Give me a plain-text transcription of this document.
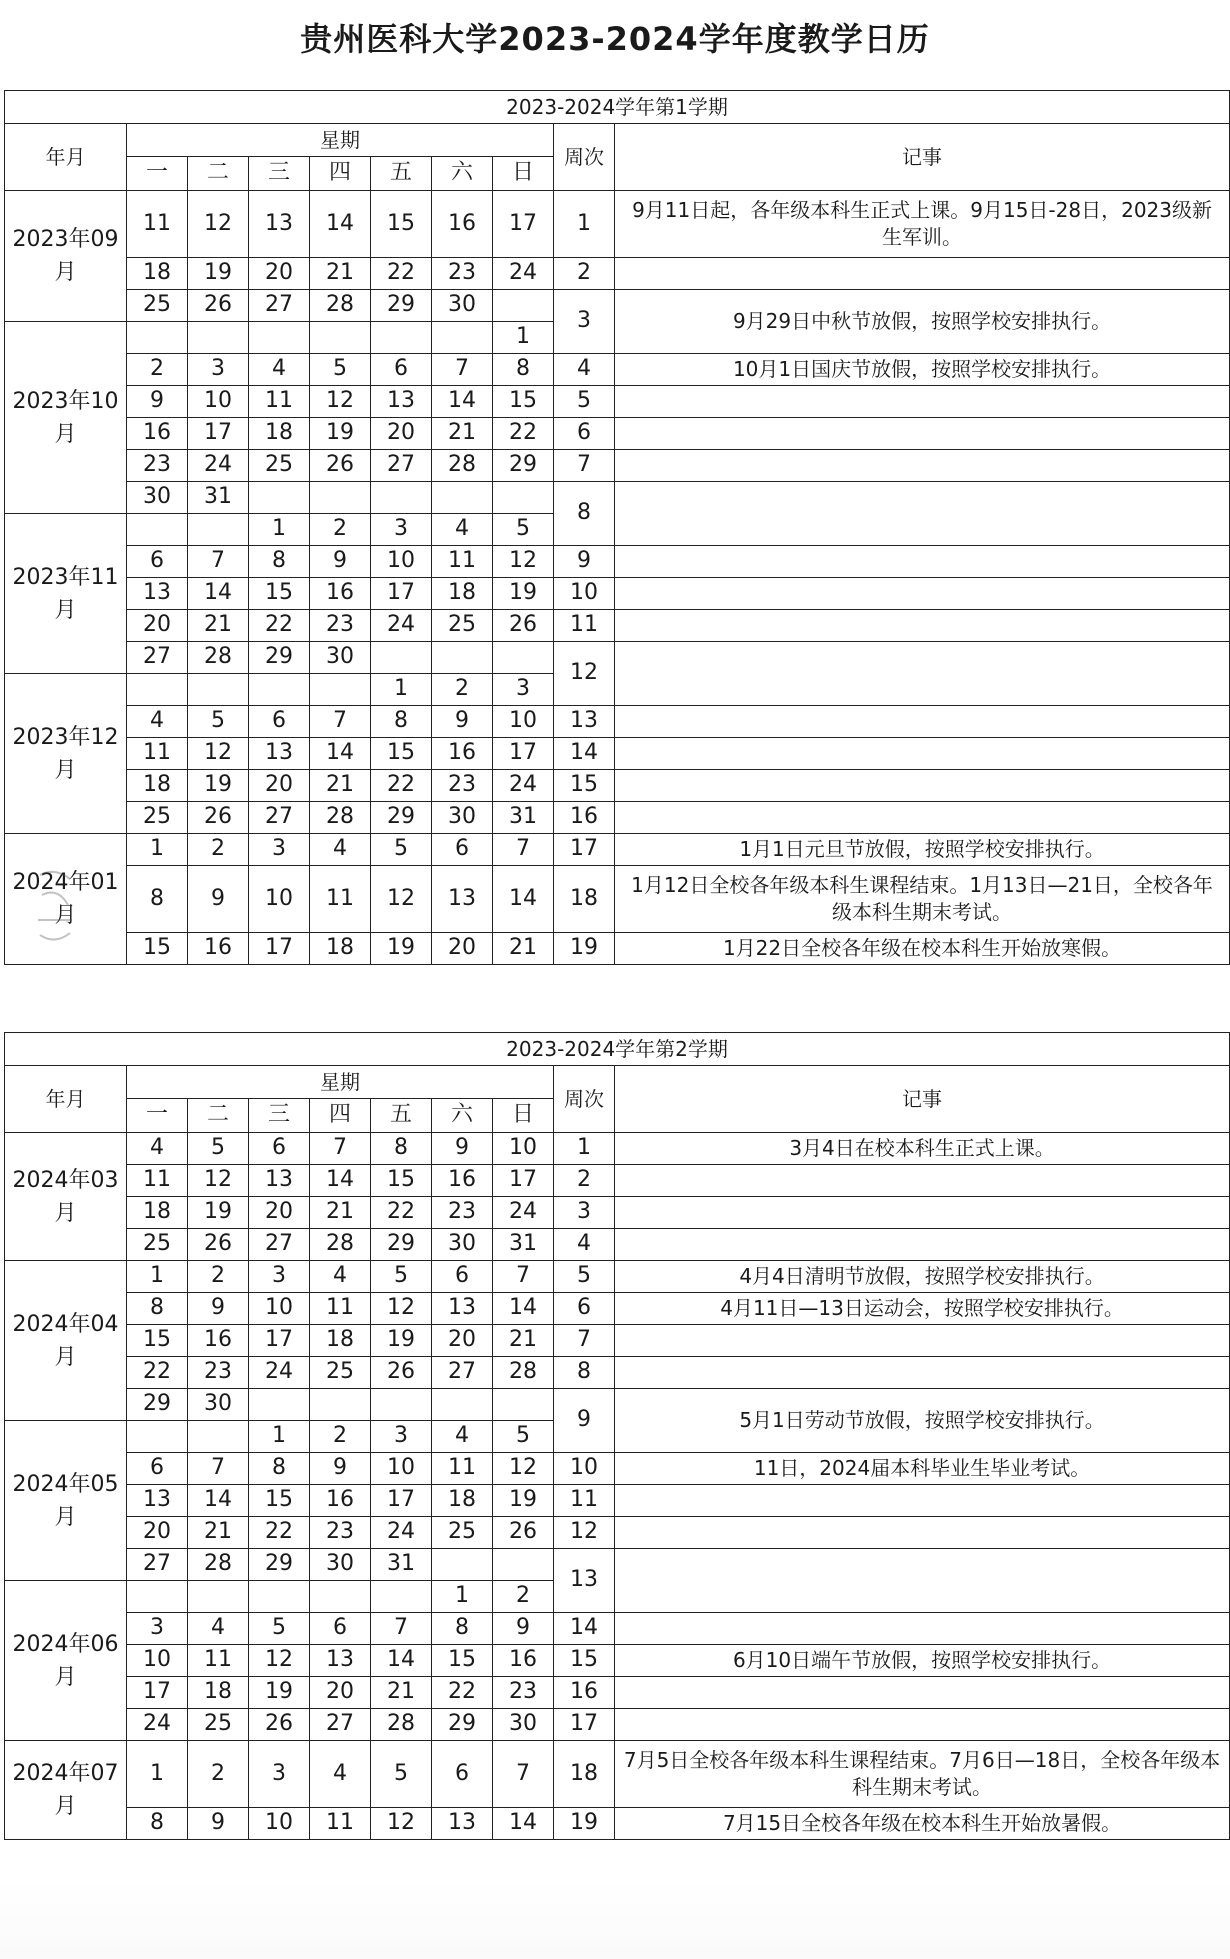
贵州医科大学2023-2024学年度教学日历
2023-2024学年第1学期									
年月	星期							周次	记事
	一	二	三	四	五	六	日		
2023年09月	11	12	13	14	15	16	17	1	9月11日起，各年级本科生正式上课。9月15日-28日，2023级新生军训。
	18	19	20	21	22	23	24	2	
	25	26	27	28	29	30		3	9月29日中秋节放假，按照学校安排执行。
2023年10月							1		
	2	3	4	5	6	7	8	4	10月1日国庆节放假，按照学校安排执行。
	9	10	11	12	13	14	15	5	
	16	17	18	19	20	21	22	6	
	23	24	25	26	27	28	29	7	
	30	31						8	
2023年11月			1	2	3	4	5		
	6	7	8	9	10	11	12	9	
	13	14	15	16	17	18	19	10	
	20	21	22	23	24	25	26	11	
	27	28	29	30				12	
2023年12月					1	2	3		
	4	5	6	7	8	9	10	13	
	11	12	13	14	15	16	17	14	
	18	19	20	21	22	23	24	15	
	25	26	27	28	29	30	31	16	
2024年01月	1	2	3	4	5	6	7	17	1月1日元旦节放假，按照学校安排执行。
	8	9	10	11	12	13	14	18	1月12日全校各年级本科生课程结束。1月13日—21日，全校各年级本科生期末考试。
	15	16	17	18	19	20	21	19	1月22日全校各年级在校本科生开始放寒假。
2023-2024学年第2学期									
年月	星期							周次	记事
	一	二	三	四	五	六	日		
2024年03月	4	5	6	7	8	9	10	1	3月4日在校本科生正式上课。
	11	12	13	14	15	16	17	2	
	18	19	20	21	22	23	24	3	
	25	26	27	28	29	30	31	4	
2024年04月	1	2	3	4	5	6	7	5	4月4日清明节放假，按照学校安排执行。
	8	9	10	11	12	13	14	6	4月11日—13日运动会，按照学校安排执行。
	15	16	17	18	19	20	21	7	
	22	23	24	25	26	27	28	8	
	29	30						9	5月1日劳动节放假，按照学校安排执行。
2024年05月			1	2	3	4	5		
	6	7	8	9	10	11	12	10	11日，2024届本科毕业生毕业考试。
	13	14	15	16	17	18	19	11	
	20	21	22	23	24	25	26	12	
	27	28	29	30	31			13	
2024年06月						1	2		
	3	4	5	6	7	8	9	14	
	10	11	12	13	14	15	16	15	6月10日端午节放假，按照学校安排执行。
	17	18	19	20	21	22	23	16	
	24	25	26	27	28	29	30	17	
2024年07月	1	2	3	4	5	6	7	18	7月5日全校各年级本科生课程结束。7月6日—18日，全校各年级本科生期末考试。
	8	9	10	11	12	13	14	19	7月15日全校各年级在校本科生开始放暑假。
